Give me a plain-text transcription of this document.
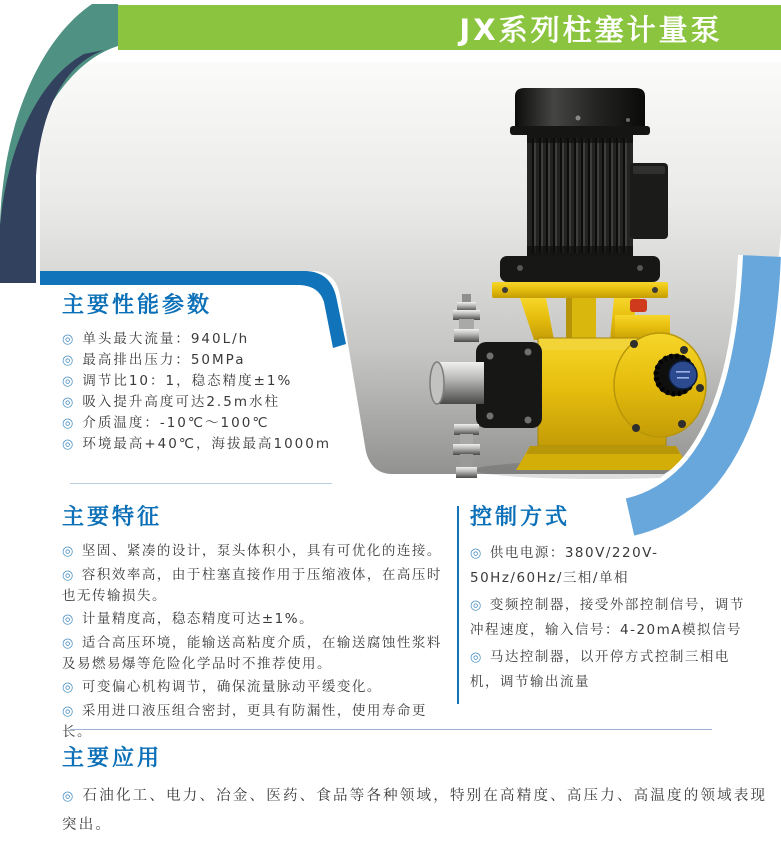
JX系列柱塞计量泵
主要性能参数
◎ 单头最大流量：940L/h
◎ 最高排出压力：50MPa
◎ 调节比10：1，稳态精度±1%
◎ 吸入提升高度可达2.5m水柱
◎ 介质温度：-10℃～100℃
◎ 环境最高+40℃，海拔最高1000m
主要特征
◎ 坚固、紧凑的设计，泵头体积小，具有可优化的连接。
◎ 容积效率高，由于柱塞直接作用于压缩液体，在高压时也无传输损失。
◎ 计量精度高，稳态精度可达±1%。
◎ 适合高压环境，能输送高粘度介质，在输送腐蚀性浆料及易燃易爆等危险化学品时不推荐使用。
◎ 可变偏心机构调节，确保流量脉动平缓变化。
◎ 采用进口液压组合密封，更具有防漏性，使用寿命更长。
控制方式
◎ 供电电源：380V/220V-50Hz/60Hz/三相/单相
◎ 变频控制器，接受外部控制信号，调节冲程速度，输入信号：4-20mA模拟信号
◎ 马达控制器，以开停方式控制三相电机，调节输出流量
主要应用
◎ 石油化工、电力、冶金、医药、食品等各种领域，特别在高精度、高压力、高温度的领域表现突出。
